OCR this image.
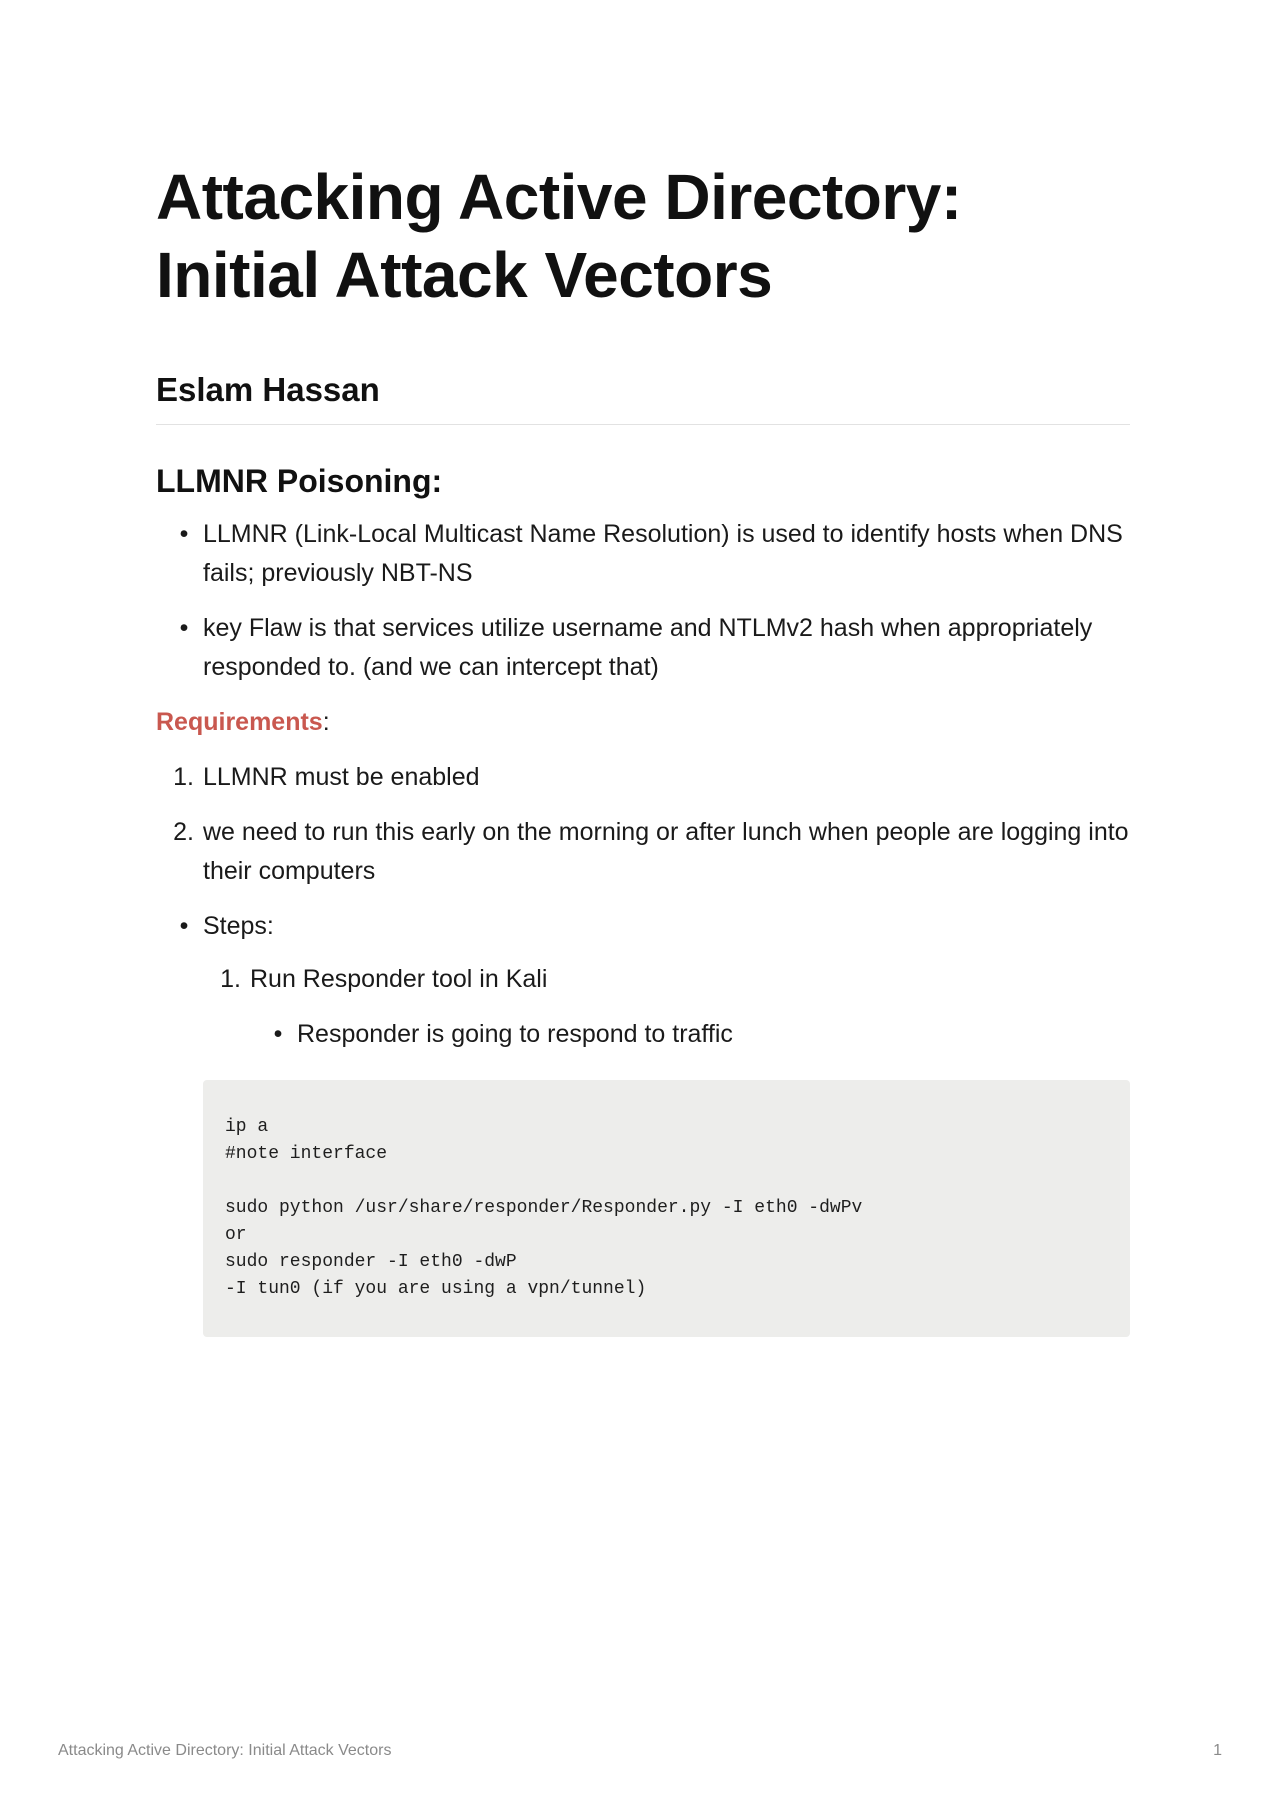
Attacking Active Directory:
Initial Attack Vectors
Eslam Hassan
LLMNR Poisoning:
• LLMNR (Link-Local Multicast Name Resolution) is used to identify hosts when DNS fails; previously NBT-NS
• key Flaw is that services utilize username and NTLMv2 hash when appropriately responded to. (and we can intercept that)
Requirements:
1. LLMNR must be enabled
2. we need to run this early on the morning or after lunch when people are logging into their computers
• Steps:
1. Run Responder tool in Kali
• Responder is going to respond to traffic
ip a
#note interface

sudo python /usr/share/responder/Responder.py -I eth0 -dwPv
or
sudo responder -I eth0 -dwP
-I tun0 (if you are using a vpn/tunnel)
Attacking Active Directory: Initial Attack Vectors	1
